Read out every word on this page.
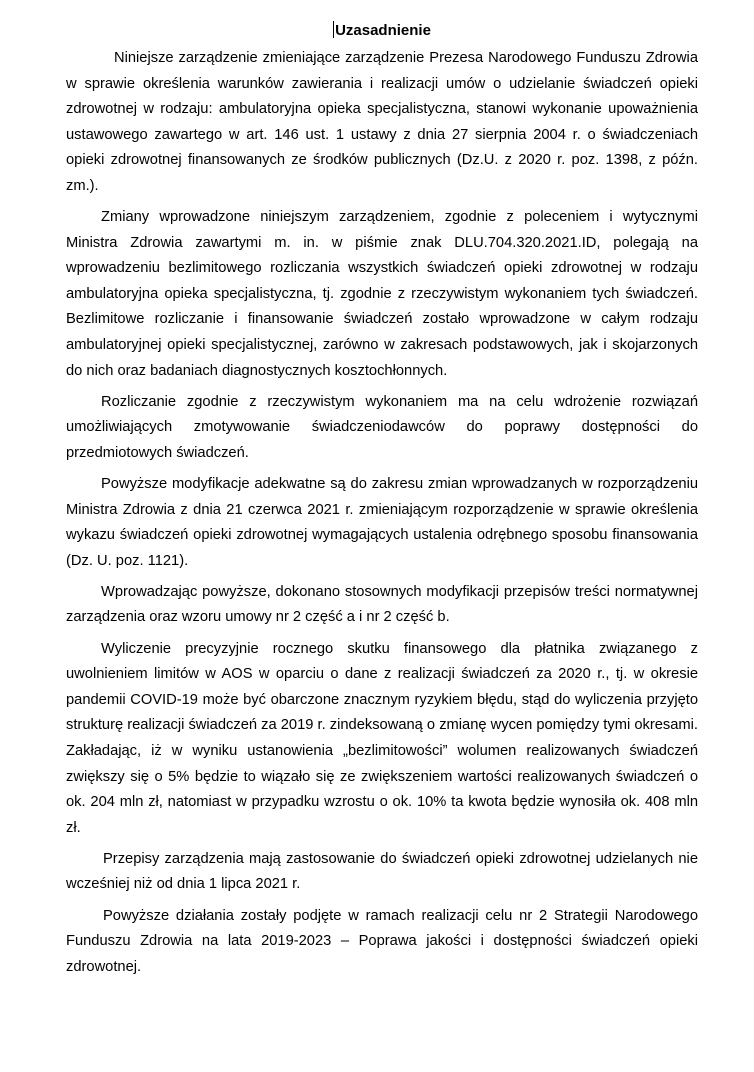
Uzasadnienie

Niniejsze zarządzenie zmieniające zarządzenie Prezesa Narodowego Funduszu Zdrowia w sprawie określenia warunków zawierania i realizacji umów o udzielanie świadczeń opieki zdrowotnej w rodzaju: ambulatoryjna opieka specjalistyczna, stanowi wykonanie upoważnienia ustawowego zawartego w art. 146 ust. 1 ustawy z dnia 27 sierpnia 2004 r. o świadczeniach opieki zdrowotnej finansowanych ze środków publicznych (Dz.U. z 2020 r. poz. 1398, z późn. zm.).

Zmiany wprowadzone niniejszym zarządzeniem, zgodnie z poleceniem i wytycznymi Ministra Zdrowia zawartymi m. in. w piśmie znak DLU.704.320.2021.ID, polegają na wprowadzeniu bezlimitowego rozliczania wszystkich świadczeń opieki zdrowotnej w rodzaju ambulatoryjna opieka specjalistyczna, tj. zgodnie z rzeczywistym wykonaniem tych świadczeń. Bezlimitowe rozliczanie i finansowanie świadczeń zostało wprowadzone w całym rodzaju ambulatoryjnej opieki specjalistycznej, zarówno w zakresach podstawowych, jak i skojarzonych do nich oraz badaniach diagnostycznych kosztochłonnych.

Rozliczanie zgodnie z rzeczywistym wykonaniem ma na celu wdrożenie rozwiązań umożliwiających zmotywowanie świadczeniodawców do poprawy dostępności do przedmiotowych świadczeń.

Powyższe modyfikacje adekwatne są do zakresu zmian wprowadzanych w rozporządzeniu Ministra Zdrowia z dnia 21 czerwca 2021 r. zmieniającym rozporządzenie w sprawie określenia wykazu świadczeń opieki zdrowotnej wymagających ustalenia odrębnego sposobu finansowania (Dz. U. poz. 1121).

Wprowadzając powyższe, dokonano stosownych modyfikacji przepisów treści normatywnej zarządzenia oraz wzoru umowy nr 2 część a i nr 2 część b.

Wyliczenie precyzyjnie rocznego skutku finansowego dla płatnika związanego z uwolnieniem limitów w AOS w oparciu o dane z realizacji świadczeń za 2020 r., tj. w okresie pandemii COVID-19 może być obarczone znacznym ryzykiem błędu, stąd do wyliczenia przyjęto strukturę realizacji świadczeń za 2019 r. zindeksowaną o zmianę wycen pomiędzy tymi okresami. Zakładając, iż w wyniku ustanowienia „bezlimitowości” wolumen realizowanych świadczeń zwiększy się o 5% będzie to wiązało się ze zwiększeniem wartości realizowanych świadczeń o ok. 204 mln zł, natomiast w przypadku wzrostu o ok. 10% ta kwota będzie wynosiła ok. 408 mln zł.

Przepisy zarządzenia mają zastosowanie do świadczeń opieki zdrowotnej udzielanych nie wcześniej niż od dnia 1 lipca 2021 r.

Powyższe działania zostały podjęte w ramach realizacji celu nr 2 Strategii Narodowego Funduszu Zdrowia na lata 2019-2023 – Poprawa jakości i dostępności świadczeń opieki zdrowotnej.
